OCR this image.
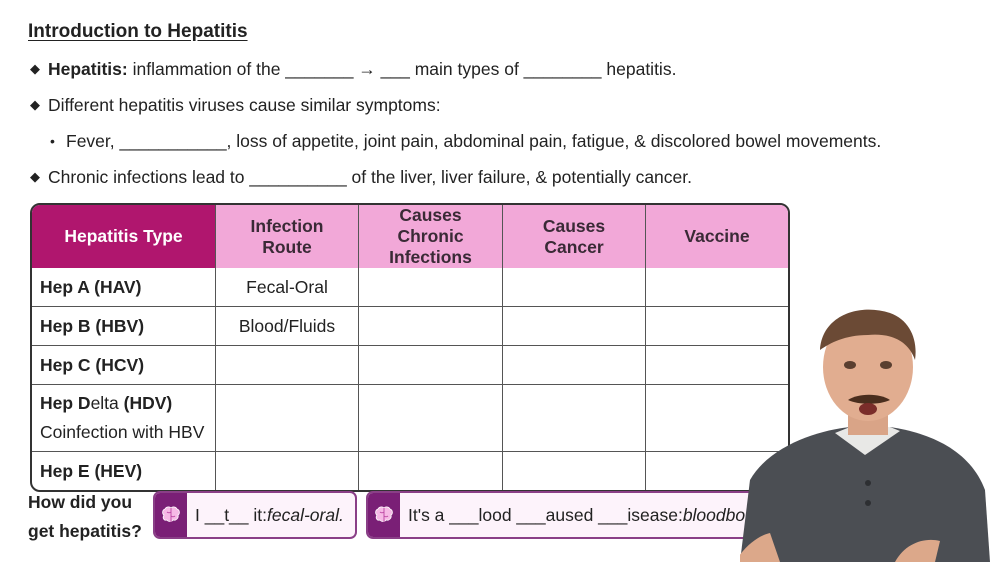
Introduction to Hepatitis
◆ Hepatitis: inflammation of the _______ → ___ main types of ________ hepatitis.
◆ Different hepatitis viruses cause similar symptoms:
• Fever, ___________, loss of appetite, joint pain, abdominal pain, fatigue, & discolored bowel movements.
◆ Chronic infections lead to __________ of the liver, liver failure, & potentially cancer.
Hepatitis Type	Infection Route	Causes Chronic Infections	Causes Cancer	Vaccine
Hep A (HAV)	Fecal-Oral			
Hep B (HBV)	Blood/Fluids			
Hep C (HCV)				
Hep Delta (HDV)
Coinfection with HBV				

Hep E (HEV)				
How did you
get hepatitis?
I __t__ it: fecal-oral.	It's a ___lood ___aused ___isease: bloodbo
